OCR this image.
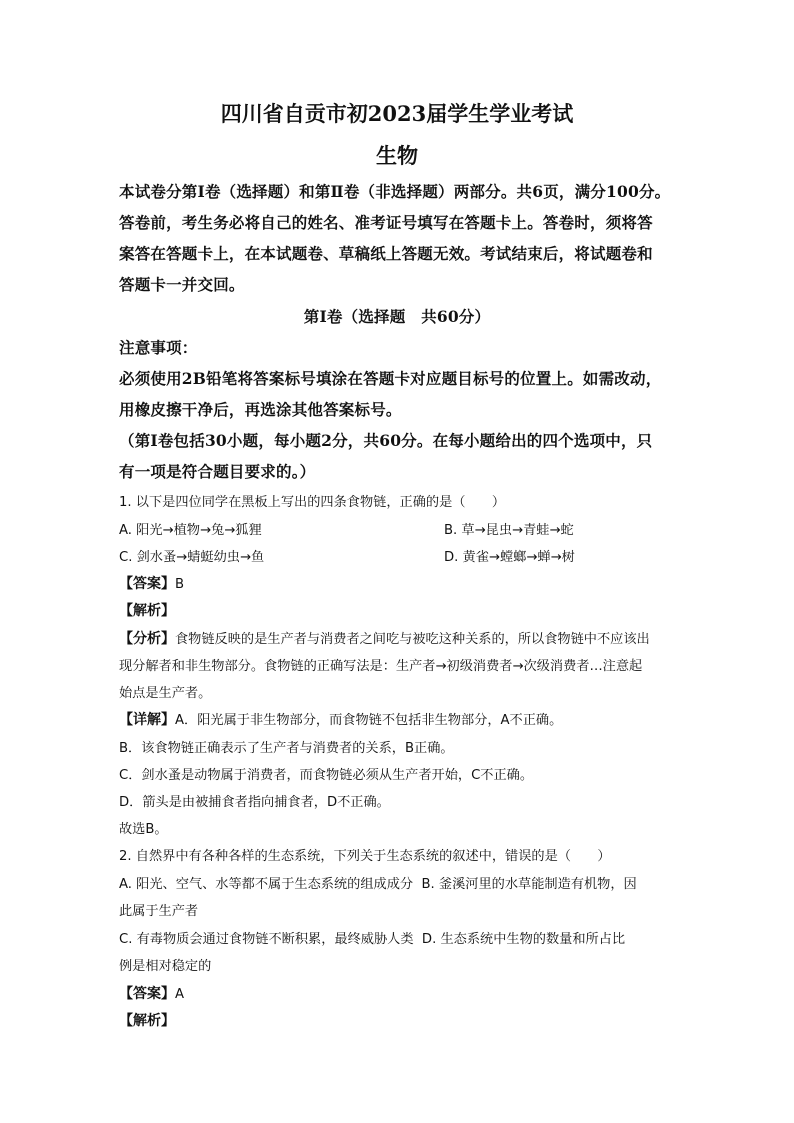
四川省自贡市初2023届学生学业考试
生物
本试卷分第Ⅰ卷（选择题）和第Ⅱ卷（非选择题）两部分。共6页，满分100分。
答卷前，考生务必将自己的姓名、准考证号填写在答题卡上。答卷时，须将答
案答在答题卡上，在本试题卷、草稿纸上答题无效。考试结束后，将试题卷和
答题卡一并交回。
第Ⅰ卷（选择题　共60分）
注意事项：
必须使用2B铅笔将答案标号填涂在答题卡对应题目标号的位置上。如需改动，
用橡皮擦干净后，再选涂其他答案标号。
（第Ⅰ卷包括30小题，每小题2分，共60分。在每小题给出的四个选项中，只
有一项是符合题目要求的。）
1. 以下是四位同学在黑板上写出的四条食物链，正确的是（　　）
A. 阳光→植物→兔→狐狸	B. 草→昆虫→青蛙→蛇
C. 剑水蚤→蜻蜓幼虫→鱼	D. 黄雀→螳螂→蝉→树
【答案】B
【解析】
【分析】食物链反映的是生产者与消费者之间吃与被吃这种关系的，所以食物链中不应该出
现分解者和非生物部分。食物链的正确写法是：生产者→初级消费者→次级消费者…注意起
始点是生产者。
【详解】A．阳光属于非生物部分，而食物链不包括非生物部分，A不正确。
B．该食物链正确表示了生产者与消费者的关系，B正确。
C．剑水蚤是动物属于消费者，而食物链必须从生产者开始，C不正确。
D．箭头是由被捕食者指向捕食者，D不正确。
故选B。
2. 自然界中有各种各样的生态系统，下列关于生态系统的叙述中，错误的是（　　）
A. 阳光、空气、水等都不属于生态系统的组成成分 B. 釜溪河里的水草能制造有机物，因
此属于生产者
C. 有毒物质会通过食物链不断积累，最终威胁人类 D. 生态系统中生物的数量和所占比
例是相对稳定的
【答案】A
【解析】
